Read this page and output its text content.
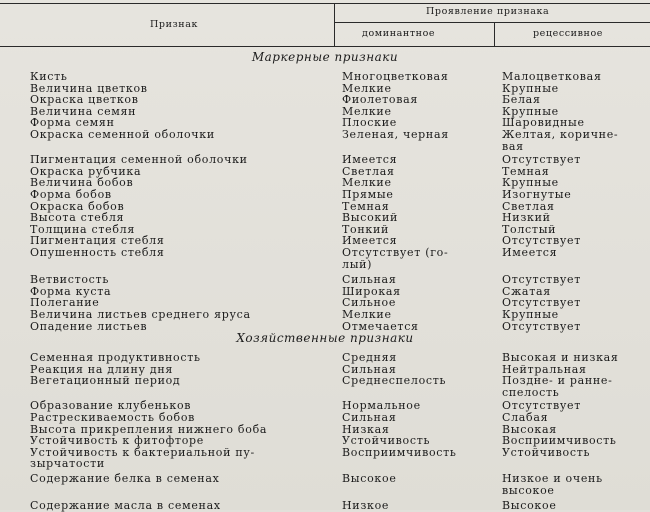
Признак
Проявление признака
доминантное	рецессивное
Маркерные признаки
Кисть	Многоцветковая	Малоцветковая
Величина цветков	Мелкие	Крупные
Окраска цветков	Фиолетовая	Белая
Величина семян	Мелкие	Крупные
Форма семян	Плоские	Шаровидные
Окраска семенной оболочки	Зеленая, черная	Желтая, коричне-
вая
Пигментация семенной оболочки	Имеется	Отсутствует
Окраска рубчика	Светлая	Темная
Величина бобов	Мелкие	Крупные
Форма бобов	Прямые	Изогнутые
Окраска бобов	Темная	Светлая
Высота стебля	Высокий	Низкий
Толщина стебля	Тонкий	Толстый
Пигментация стебля	Имеется	Отсутствует
Опушенность стебля	Отсутствует (го-	Имеется
лый)
Ветвистость	Сильная	Отсутствует
Форма куста	Широкая	Сжатая
Полегание	Сильное	Отсутствует
Величина листьев среднего яруса	Мелкие	Крупные
Опадение листьев	Отмечается	Отсутствует
Хозяйственные признаки
Семенная продуктивность	Средняя	Высокая и низкая
Реакция на длину дня	Сильная	Нейтральная
Вегетационный период	Среднеспелость	Поздне- и ранне-
спелость
Образование клубеньков	Нормальное	Отсутствует
Растрескиваемость бобов	Сильная	Слабая
Высота прикрепления нижнего боба	Низкая	Высокая
Устойчивость к фитофторе	Устойчивость	Восприимчивость
Устойчивость к бактериальной пу-	Восприимчивость	Устойчивость
зырчатости
Содержание белка в семенах	Высокое	Низкое и очень
высокое
Содержание масла в семенах	Низкое	Высокое
